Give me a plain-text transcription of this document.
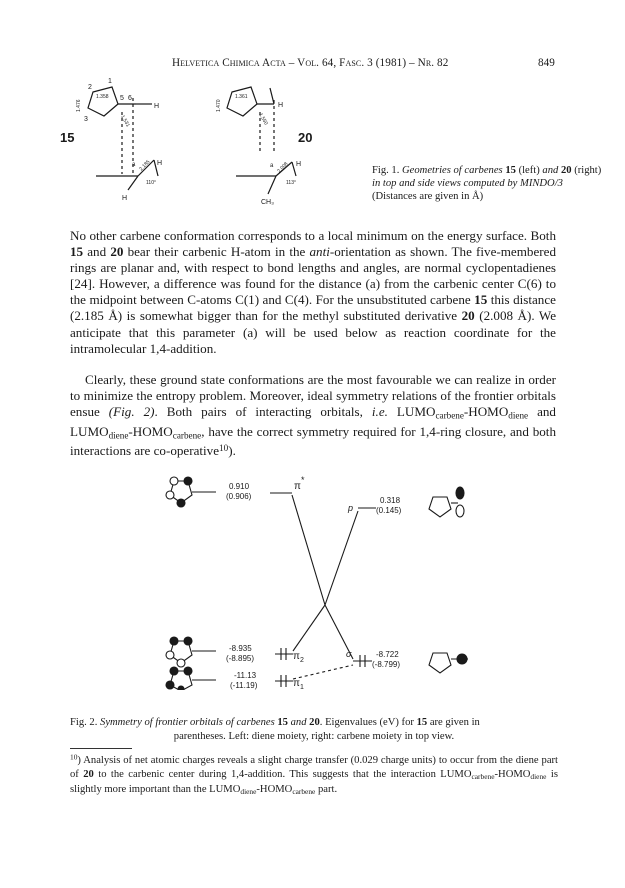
Helvetica Chimica Acta – Vol. 64, Fasc. 3 (1981) – Nr. 82	849
1
2
3
5 6
H
1.358
1.476
1.531
15
H
H
110°
2.185
a
H
1.361
1.470
1.550
20
H
CH₃
113°
2.008
a	Fig. 1. Geometries of carbenes 15 (left) and 20 (right)
in top and side views computed by MINDO/3
(Distances are given in Å)

No other carbene conformation corresponds to a local minimum on the energy surface. Both 15 and 20 bear their carbenic H-atom in the anti-orientation as shown. The five-membered rings are planar and, with respect to bond lengths and angles, are normal cyclopentadienes [24]. However, a difference was found for the distance (a) from the carbenic center C(6) to the midpoint between C-atoms C(1) and C(4). For the unsubstituted carbene 15 this distance (2.185 Å) is somewhat bigger than for the methyl substituted derivative 20 (2.008 Å). We anticipate that this parameter (a) will be used below as reaction coordinate for the intramolecular 1,4-addition.

Clearly, these ground state conformations are the most favourable we can realize in order to minimize the entropy problem. Moreover, ideal symmetry relations of the frontier orbitals ensue (Fig. 2). Both pairs of interacting orbitals, i.e. $LUMO_{carbene}-HOMO_{diene}$ and $LUMO_{diene}-HOMO_{carbene}$, have the correct symmetry required for 1,4-ring closure, and both interactions are co-operative$^{10}$).

0.910
(0.906)
π
*
-8.935
(-8.895)	π 2
-11.13
(-11.19)	π 1
p
0.318
(0.145)
σ	-8.722
(-8.799)
Fig. 2. Symmetry of frontier orbitals of carbenes 15 and 20. Eigenvalues (eV) for 15 are given in
parentheses. Left: diene moiety, right: carbene moiety in top view.
$^{10}$) Analysis of net atomic charges reveals a slight charge transfer (0.029 charge units) to occur from the diene part of 20 to the carbenic center during 1,4-addition. This suggests that the interaction $LUMO_{carbene}-HOMO_{diene}$ is slightly more important than the $LUMO_{diene}-HOMO_{carbene}$ part.
